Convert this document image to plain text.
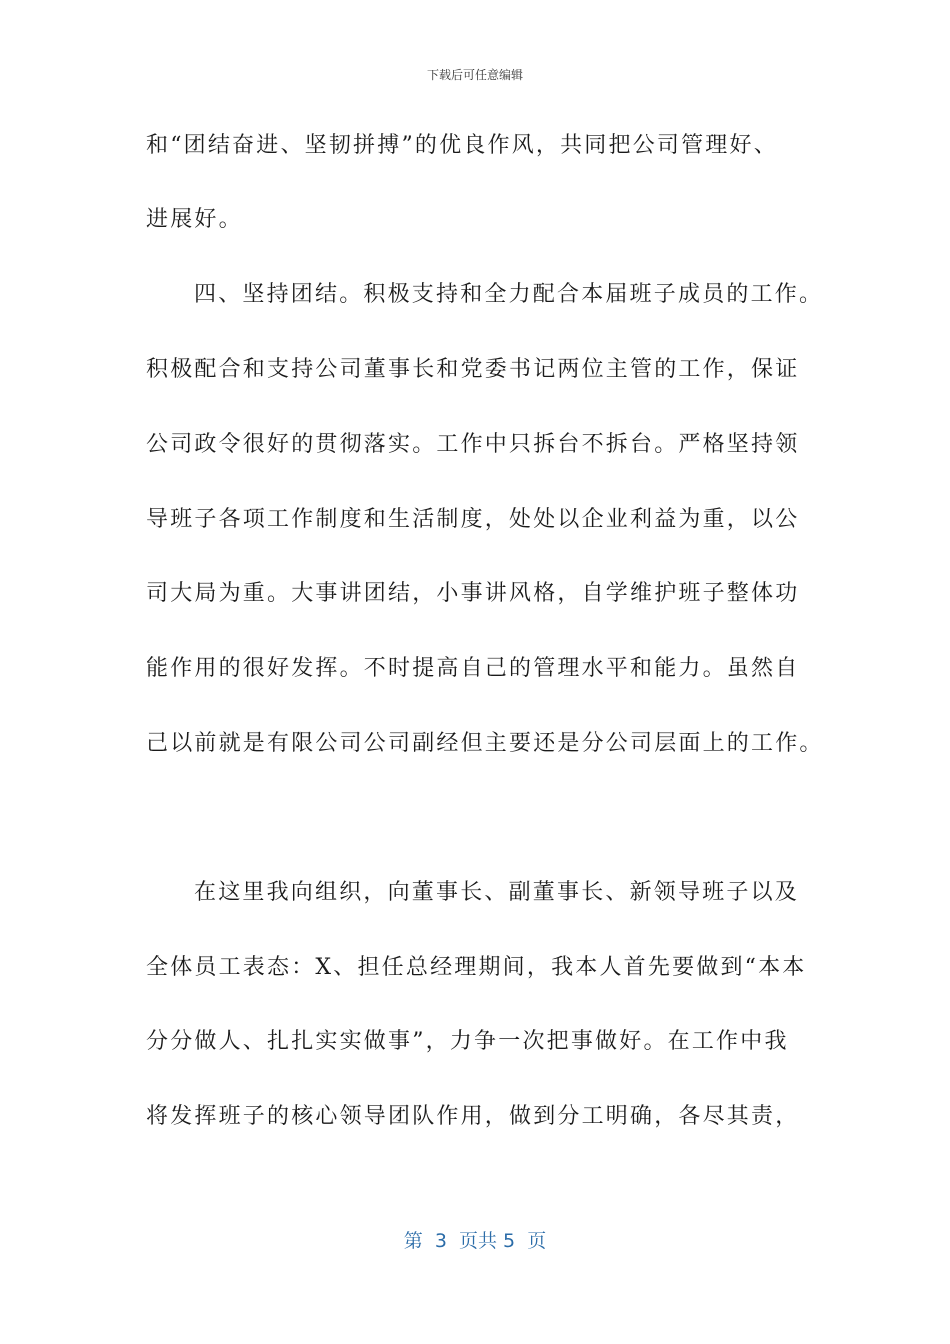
下载后可任意编辑
和“团结奋进、坚韧拼搏”的优良作风，共同把公司管理好、
进展好。
四、坚持团结。积极支持和全力配合本届班子成员的工作。
积极配合和支持公司董事长和党委书记两位主管的工作，保证
公司政令很好的贯彻落实。工作中只拆台不拆台。严格坚持领
导班子各项工作制度和生活制度，处处以企业利益为重，以公
司大局为重。大事讲团结，小事讲风格，自学维护班子整体功
能作用的很好发挥。不时提高自己的管理水平和能力。虽然自
己以前就是有限公司公司副经但主要还是分公司层面上的工作。
在这里我向组织，向董事长、副董事长、新领导班子以及
全体员工表态：X、担任总经理期间，我本人首先要做到“本本
分分做人、扎扎实实做事”，力争一次把事做好。在工作中我
将发挥班子的核心领导团队作用，做到分工明确，各尽其责，
第  3  页共 5  页
